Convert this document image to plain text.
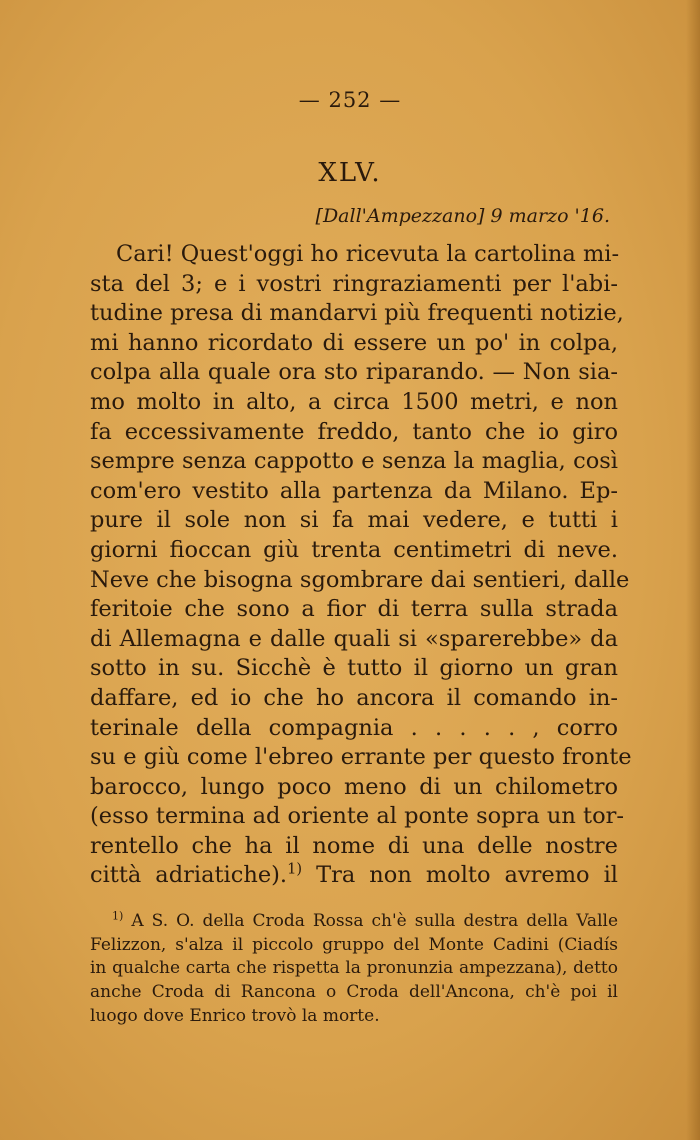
— 252 —
XLV.
[Dall'Ampezzano] 9 marzo '16.
Cari! Quest'oggi ho ricevuta la cartolina mi-
sta del 3; e i vostri ringraziamenti per l'abi-
tudine presa di mandarvi più frequenti notizie,
mi hanno ricordato di essere un po' in colpa,
colpa alla quale ora sto riparando. — Non sia-
mo molto in alto, a circa 1500 metri, e non
fa eccessivamente freddo, tanto che io giro
sempre senza cappotto e senza la maglia, così
com'ero vestito alla partenza da Milano. Ep-
pure il sole non si fa mai vedere, e tutti i
giorni fioccan giù trenta centimetri di neve.
Neve che bisogna sgombrare dai sentieri, dalle
feritoie che sono a fior di terra sulla strada
di Allemagna e dalle quali si «sparerebbe» da
sotto in su. Sicchè è tutto il giorno un gran
daffare, ed io che ho ancora il comando in-
terinale della compagnia . . . . . , corro
su e giù come l'ebreo errante per questo fronte
barocco, lungo poco meno di un chilometro
(esso termina ad oriente al ponte sopra un tor-
rentello che ha il nome di una delle nostre
città adriatiche).$^{1)}$ Tra non molto avremo il
$^{1)}$ A S. O. della Croda Rossa ch'è sulla destra della Valle
Felizzon, s'alza il piccolo gruppo del Monte Cadini (Ciadís
in qualche carta che rispetta la pronunzia ampezzana), detto
anche Croda di Rancona o Croda dell'Ancona, ch'è poi il
luogo dove Enrico trovò la morte.
